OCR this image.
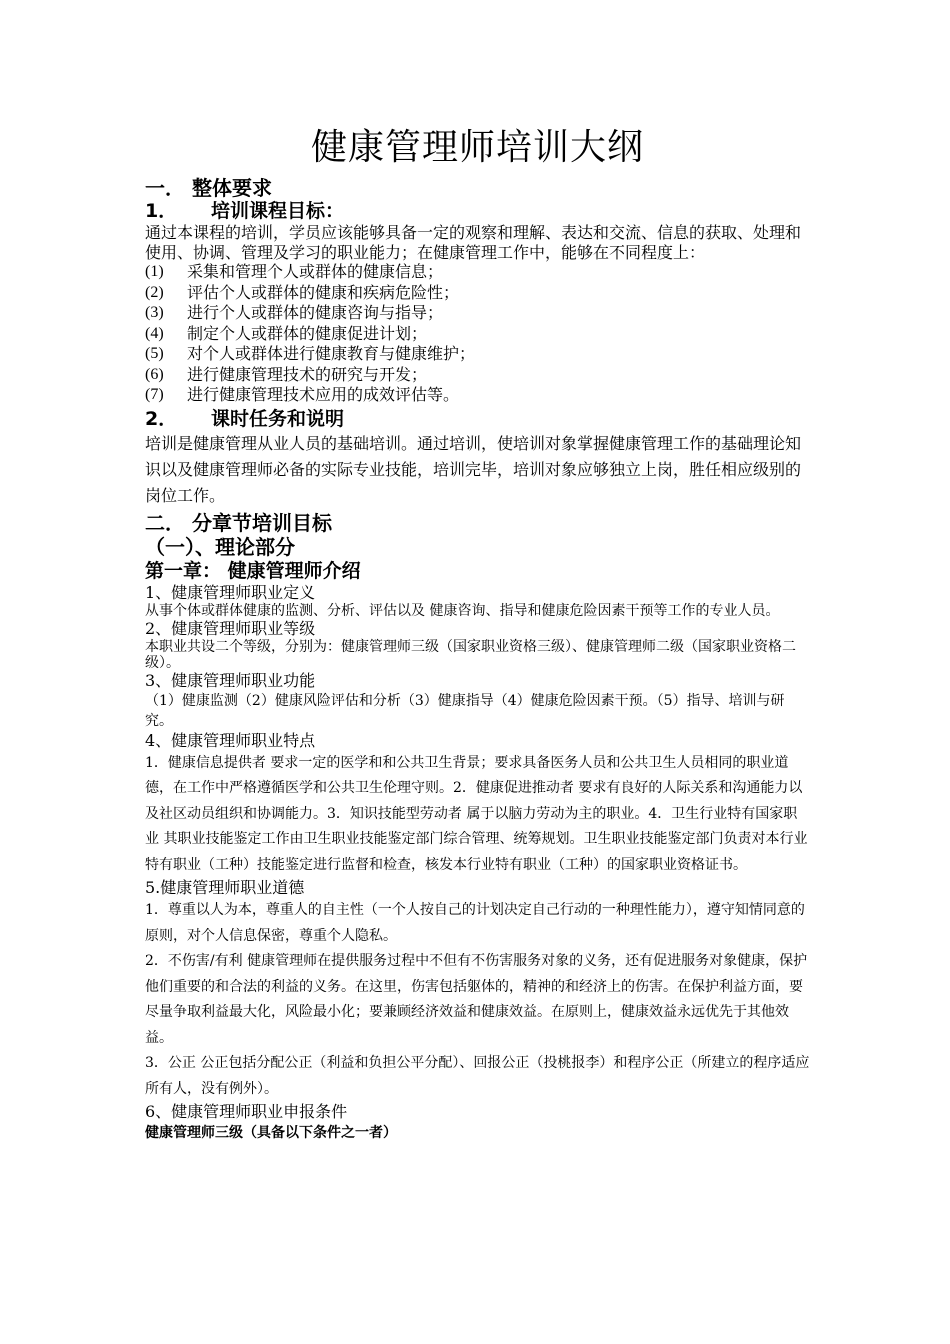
健康管理师培训大纲

一． 整体要求

1． 培训课程目标：

通过本课程的培训，学员应该能够具备一定的观察和理解、表达和交流、信息的获取、处理和使用、协调、管理及学习的职业能力；在健康管理工作中，能够在不同程度上：

(1)	采集和管理个人或群体的健康信息；
(2)	评估个人或群体的健康和疾病危险性；
(3)	进行个人或群体的健康咨询与指导；
(4)	制定个人或群体的健康促进计划；
(5)	对个人或群体进行健康教育与健康维护；
(6)	进行健康管理技术的研究与开发；
(7)	进行健康管理技术应用的成效评估等。

2． 课时任务和说明

培训是健康管理从业人员的基础培训。通过培训，使培训对象掌握健康管理工作的基础理论知识以及健康管理师必备的实际专业技能，培训完毕，培训对象应够独立上岗，胜任相应级别的岗位工作。

二． 分章节培训目标

（一）、理论部分

第一章： 健康管理师介绍

1、健康管理师职业定义

从事个体或群体健康的监测、分析、评估以及 健康咨询、指导和健康危险因素干预等工作的专业人员。

2、健康管理师职业等级

本职业共设二个等级，分别为：健康管理师三级（国家职业资格三级）、健康管理师二级（国家职业资格二级）。

3、健康管理师职业功能

（1）健康监测（2）健康风险评估和分析（3）健康指导（4）健康危险因素干预。（5）指导、培训与研究。

4、健康管理师职业特点

1．健康信息提供者 要求一定的医学和和公共卫生背景；要求具备医务人员和公共卫生人员相同的职业道德，在工作中严格遵循医学和公共卫生伦理守则。2．健康促进推动者 要求有良好的人际关系和沟通能力以及社区动员组织和协调能力。3．知识技能型劳动者 属于以脑力劳动为主的职业。4．卫生行业特有国家职业 其职业技能鉴定工作由卫生职业技能鉴定部门综合管理、统筹规划。卫生职业技能鉴定部门负责对本行业特有职业（工种）技能鉴定进行监督和检查，核发本行业特有职业（工种）的国家职业资格证书。

5.健康管理师职业道德

1．尊重以人为本，尊重人的自主性（一个人按自己的计划决定自己行动的一种理性能力），遵守知情同意的原则，对个人信息保密，尊重个人隐私。

2．不伤害/有利 健康管理师在提供服务过程中不但有不伤害服务对象的义务，还有促进服务对象健康，保护他们重要的和合法的利益的义务。在这里，伤害包括躯体的，精神的和经济上的伤害。在保护利益方面，要尽量争取利益最大化，风险最小化；要兼顾经济效益和健康效益。在原则上，健康效益永远优先于其他效益。

3．公正 公正包括分配公正（利益和负担公平分配）、回报公正（投桃报李）和程序公正（所建立的程序适应所有人，没有例外）。

6、健康管理师职业申报条件

健康管理师三级（具备以下条件之一者）
